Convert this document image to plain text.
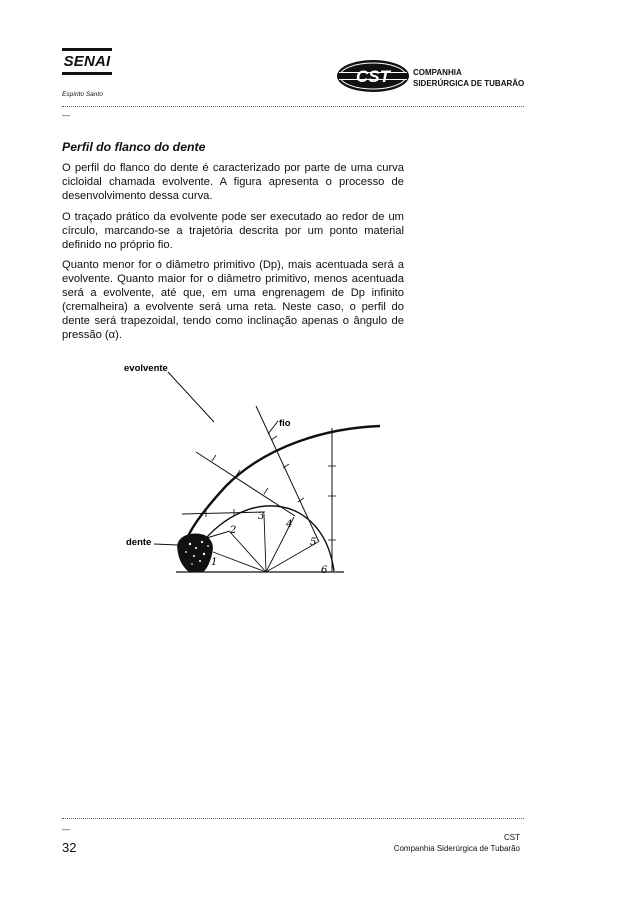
SENAI
Espírito Santo
CST	COMPANHIA
SIDERÚRGICA DE TUBARÃO
—
Perfil do flanco do dente
O perfil do flanco do dente é caracterizado por parte de uma curva cicloidal chamada evolvente. A figura apresenta o processo de desenvolvimento dessa curva.
O traçado prático da evolvente pode ser executado ao redor de um círculo, marcando-se a trajetória descrita por um ponto material definido no próprio fio.
Quanto menor for o diâmetro primitivo (Dp), mais acentuada será a evolvente. Quanto maior for o diâmetro primitivo, menos acentuada será a evolvente, até que, em uma engrenagem de Dp infinito (cremalheira) a evolvente será uma reta. Neste caso, o perfil do dente será trapezoidal, tendo como inclinação apenas o ângulo de pressão (α).
evolvente
fio
dente
1
2
3
4
5
6
—
32
CST
Companhia Siderúrgica de Tubarão
